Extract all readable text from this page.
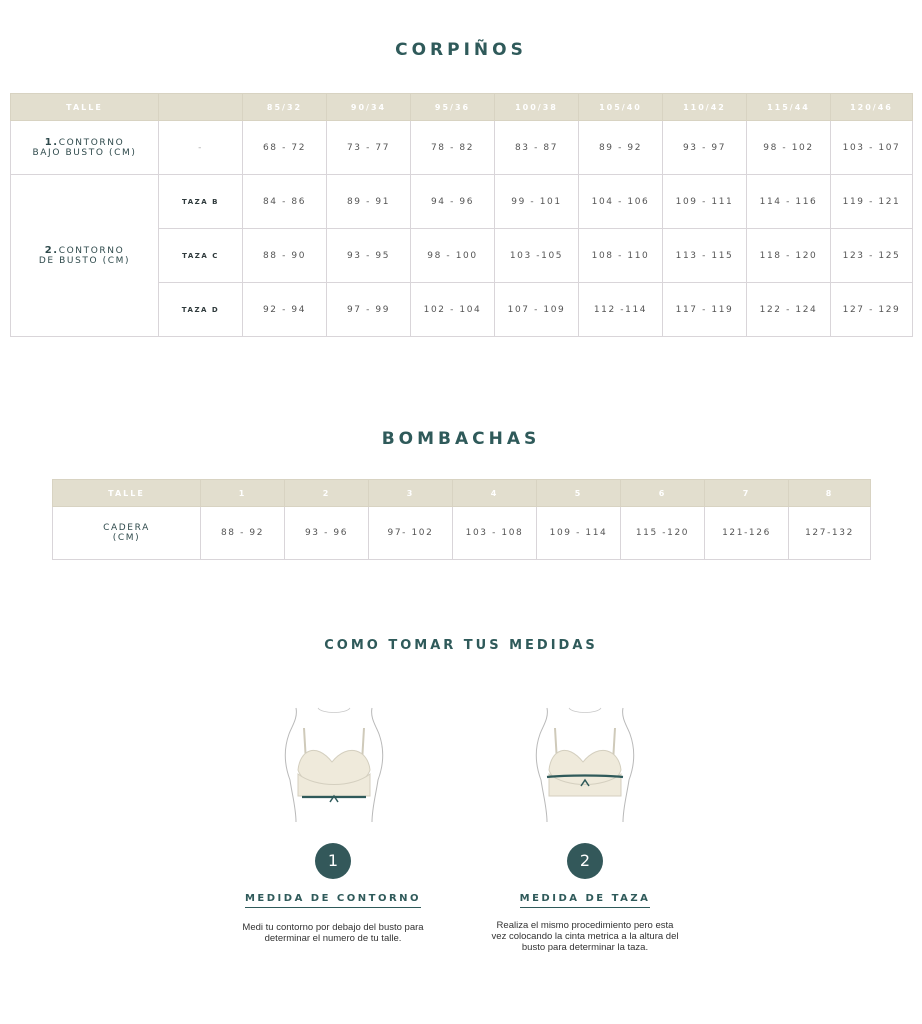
CORPIÑOS
TALLE		85/32	90/34	95/36	100/38	105/40	110/42	115/44	120/46
1.CONTORNO
BAJO BUSTO (CM)	-	68 - 72	73 - 77	78 - 82	83 - 87	89 - 92	93 - 97	98 - 102	103 - 107
2.CONTORNO
DE BUSTO (CM)	TAZA B	84 - 86	89 - 91	94 - 96	99 - 101	104 - 106	109 - 111	114 - 116	119 - 121
	TAZA C	88 - 90	93 - 95	98 - 100	103 -105	108 - 110	113 - 115	118 - 120	123 - 125
	TAZA D	92 - 94	97 - 99	102 - 104	107 - 109	112 -114	117 - 119	122 - 124	127 - 129
BOMBACHAS
TALLE	1	2	3	4	5	6	7	8
CADERA
(CM)	88 - 92	93 - 96	97- 102	103 - 108	109 - 114	115 -120	121-126	127-132
COMO TOMAR TUS MEDIDAS
1
MEDIDA DE CONTORNO
Medi tu contorno por debajo del busto para determinar el numero de tu talle.
2
MEDIDA DE TAZA
Realiza el mismo procedimiento pero esta vez colocando la cinta metrica a la altura del busto para determinar la taza.
